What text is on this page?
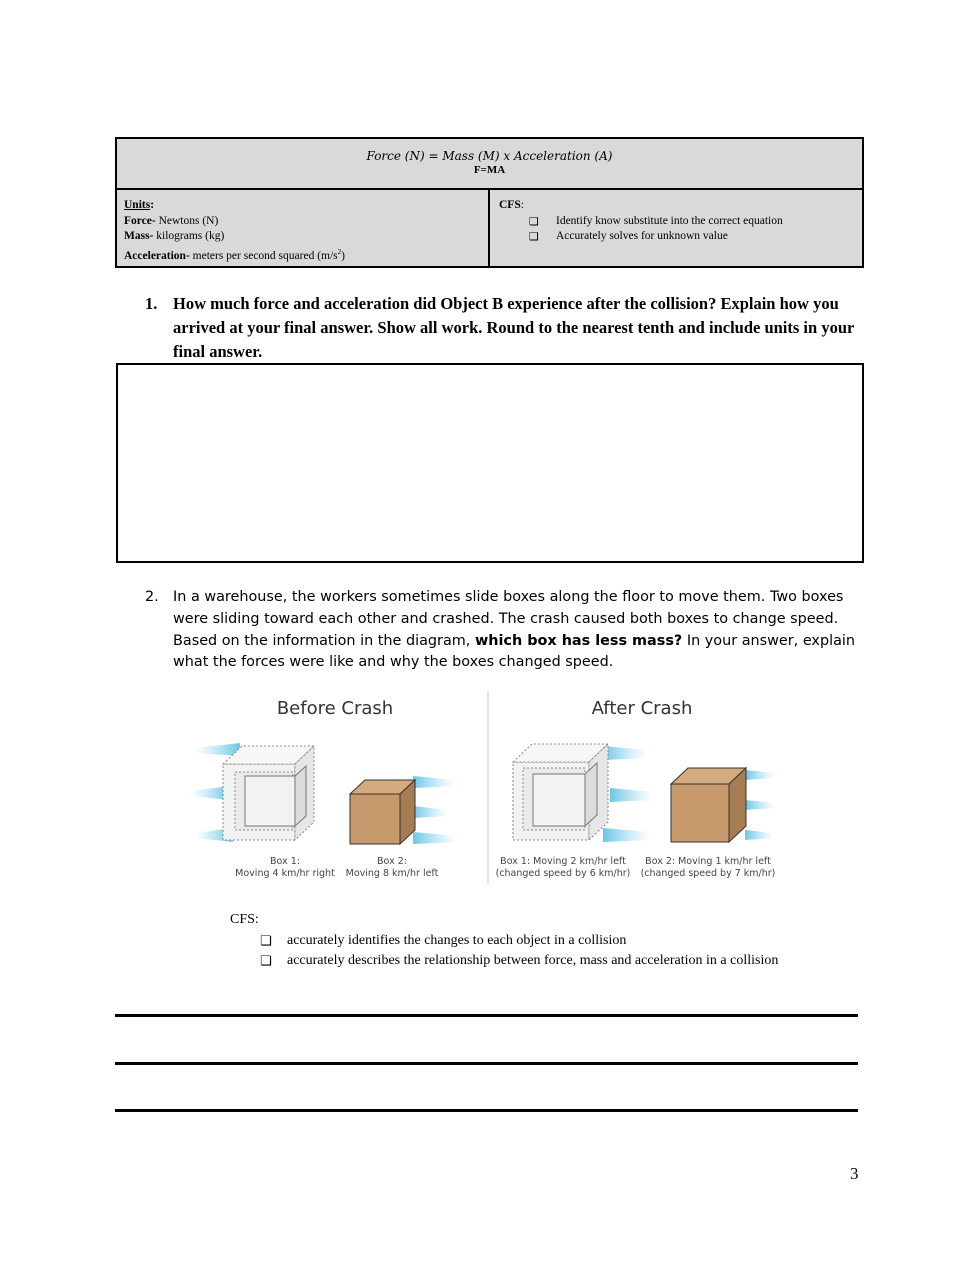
Force (N) = Mass (M) x Acceleration (A)
F=MA
Units:
Force- Newtons (N)
Mass- kilograms (kg)
Acceleration- meters per second squared $(m/s^2)$
CFS:
❏ Identify know substitute into the correct equation
❏ Accurately solves for unknown value
1. How much force and acceleration did Object B experience after the collision? Explain how you arrived at your final answer. Show all work. Round to the nearest tenth and include units in your final answer.
2. In a warehouse, the workers sometimes slide boxes along the floor to move them. Two boxes were sliding toward each other and crashed. The crash caused both boxes to change speed. Based on the information in the diagram, which box has less mass? In your answer, explain what the forces were like and why the boxes changed speed.
Before Crash	After Crash
Box 1:
Moving 4 km/hr right
Box 2:
Moving 8 km/hr left
Box 1: Moving 2 km/hr left
(changed speed by 6 km/hr)
Box 2: Moving 1 km/hr left
(changed speed by 7 km/hr)
CFS:
❏ accurately identifies the changes to each object in a collision
❏ accurately describes the relationship between force, mass and acceleration in a collision
3
